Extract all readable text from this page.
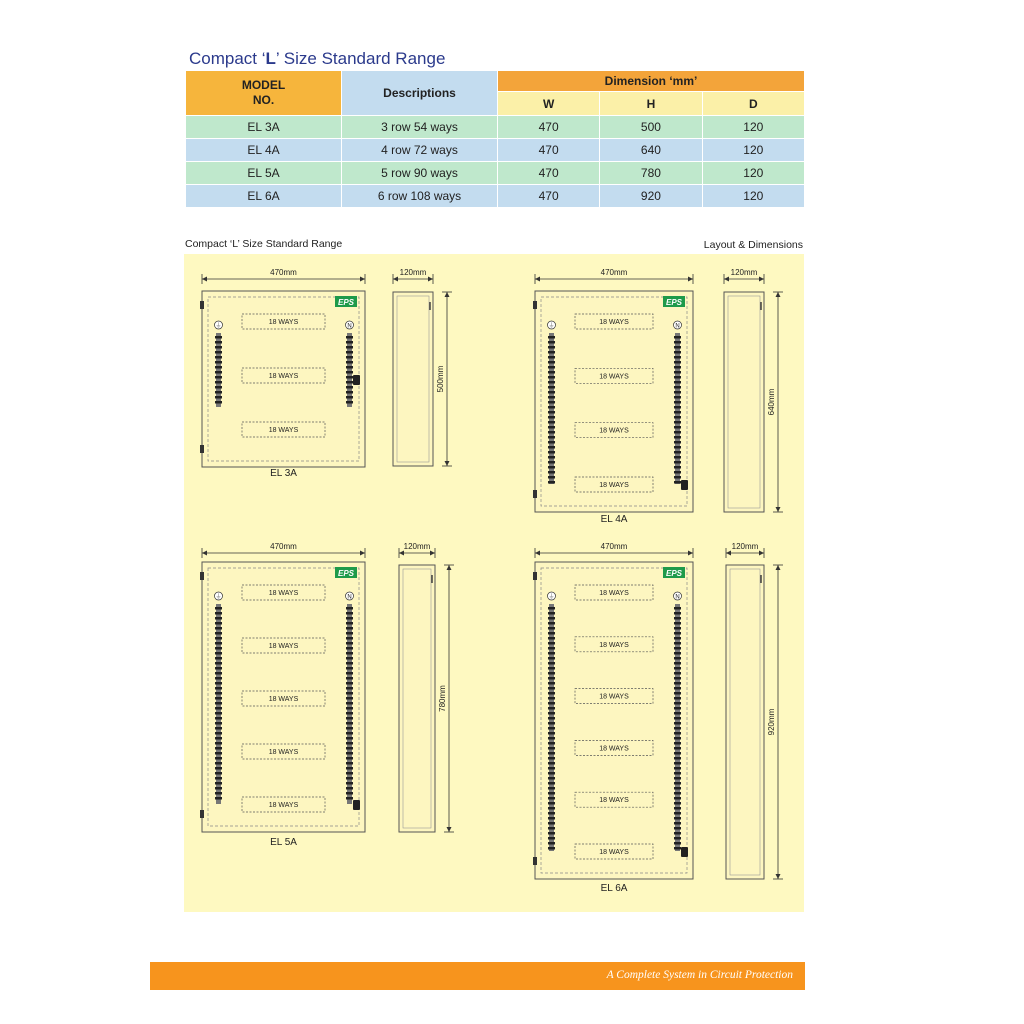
Compact ‘L’ Size Standard Range
MODEL
NO.	Descriptions	Dimension ‘mm’		
		W	H	D
EL 3A	3 row 54 ways	470	500	120
EL 4A	4 row 72 ways	470	640	120
EL 5A	5 row 90 ways	470	780	120
EL 6A	6 row 108 ways	470	920	120
Compact ‘L’ Size Standard Range	Layout & Dimensions
470mm
EPS
⏚	N
18 WAYS
18 WAYS
18 WAYS
EL 3A
120mm
500mm
470mm
EPS
⏚	N
18 WAYS
18 WAYS
18 WAYS
18 WAYS
EL 4A
120mm
640mm
470mm
EPS
⏚	N
18 WAYS
18 WAYS
18 WAYS
18 WAYS
18 WAYS
EL 5A
120mm
780mm
470mm
EPS
⏚	N
18 WAYS
18 WAYS
18 WAYS
18 WAYS
18 WAYS
18 WAYS
EL 6A
120mm
920mm
A Complete System in Circuit Protection
